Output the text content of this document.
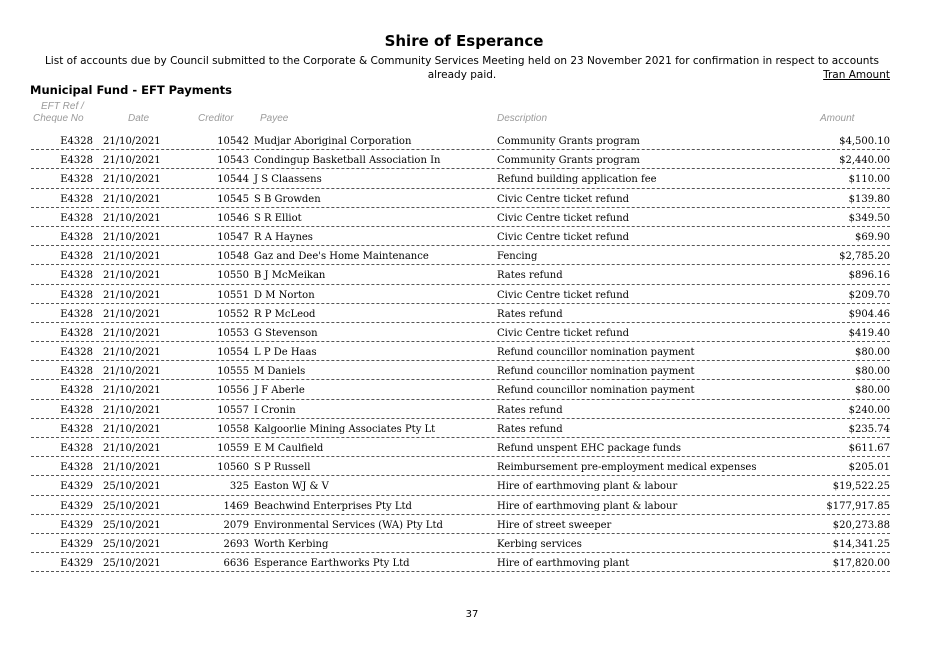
Shire of Esperance
List of accounts due by Council submitted to the Corporate & Community Services Meeting held on 23 November 2021 for confirmation in respect to accounts already paid.	Tran Amount
Municipal Fund - EFT Payments
EFT Ref /
Cheque No	Date	Creditor	Payee	Description	Amount
E4328 21/10/2021	10542 Mudjar Aboriginal Corporation	Community Grants program	$4,500.10
E4328 21/10/2021	10543 Condingup Basketball Association In	Community Grants program	$2,440.00
E4328 21/10/2021	10544 J S Claassens	Refund building application fee	$110.00
E4328 21/10/2021	10545 S B Growden	Civic Centre ticket refund	$139.80
E4328 21/10/2021	10546 S R Elliot	Civic Centre ticket refund	$349.50
E4328 21/10/2021	10547 R A Haynes	Civic Centre ticket refund	$69.90
E4328 21/10/2021	10548 Gaz and Dee's Home Maintenance	Fencing	$2,785.20
E4328 21/10/2021	10550 B J McMeikan	Rates refund	$896.16
E4328 21/10/2021	10551 D M Norton	Civic Centre ticket refund	$209.70
E4328 21/10/2021	10552 R P McLeod	Rates refund	$904.46
E4328 21/10/2021	10553 G Stevenson	Civic Centre ticket refund	$419.40
E4328 21/10/2021	10554 L P De Haas	Refund councillor nomination payment	$80.00
E4328 21/10/2021	10555 M Daniels	Refund councillor nomination payment	$80.00
E4328 21/10/2021	10556 J F Aberle	Refund councillor nomination payment	$80.00
E4328 21/10/2021	10557 I Cronin	Rates refund	$240.00
E4328 21/10/2021	10558 Kalgoorlie Mining Associates Pty Lt	Rates refund	$235.74
E4328 21/10/2021	10559 E M Caulfield	Refund unspent EHC package funds	$611.67
E4328 21/10/2021	10560 S P Russell	Reimbursement pre-employment medical expenses	$205.01
E4329 25/10/2021	325 Easton WJ & V	Hire of earthmoving plant & labour	$19,522.25
E4329 25/10/2021	1469 Beachwind Enterprises Pty Ltd	Hire of earthmoving plant & labour	$177,917.85
E4329 25/10/2021	2079 Environmental Services (WA) Pty Ltd	Hire of street sweeper	$20,273.88
E4329 25/10/2021	2693 Worth Kerbing	Kerbing services	$14,341.25
E4329 25/10/2021	6636 Esperance Earthworks Pty Ltd	Hire of earthmoving plant	$17,820.00
37
